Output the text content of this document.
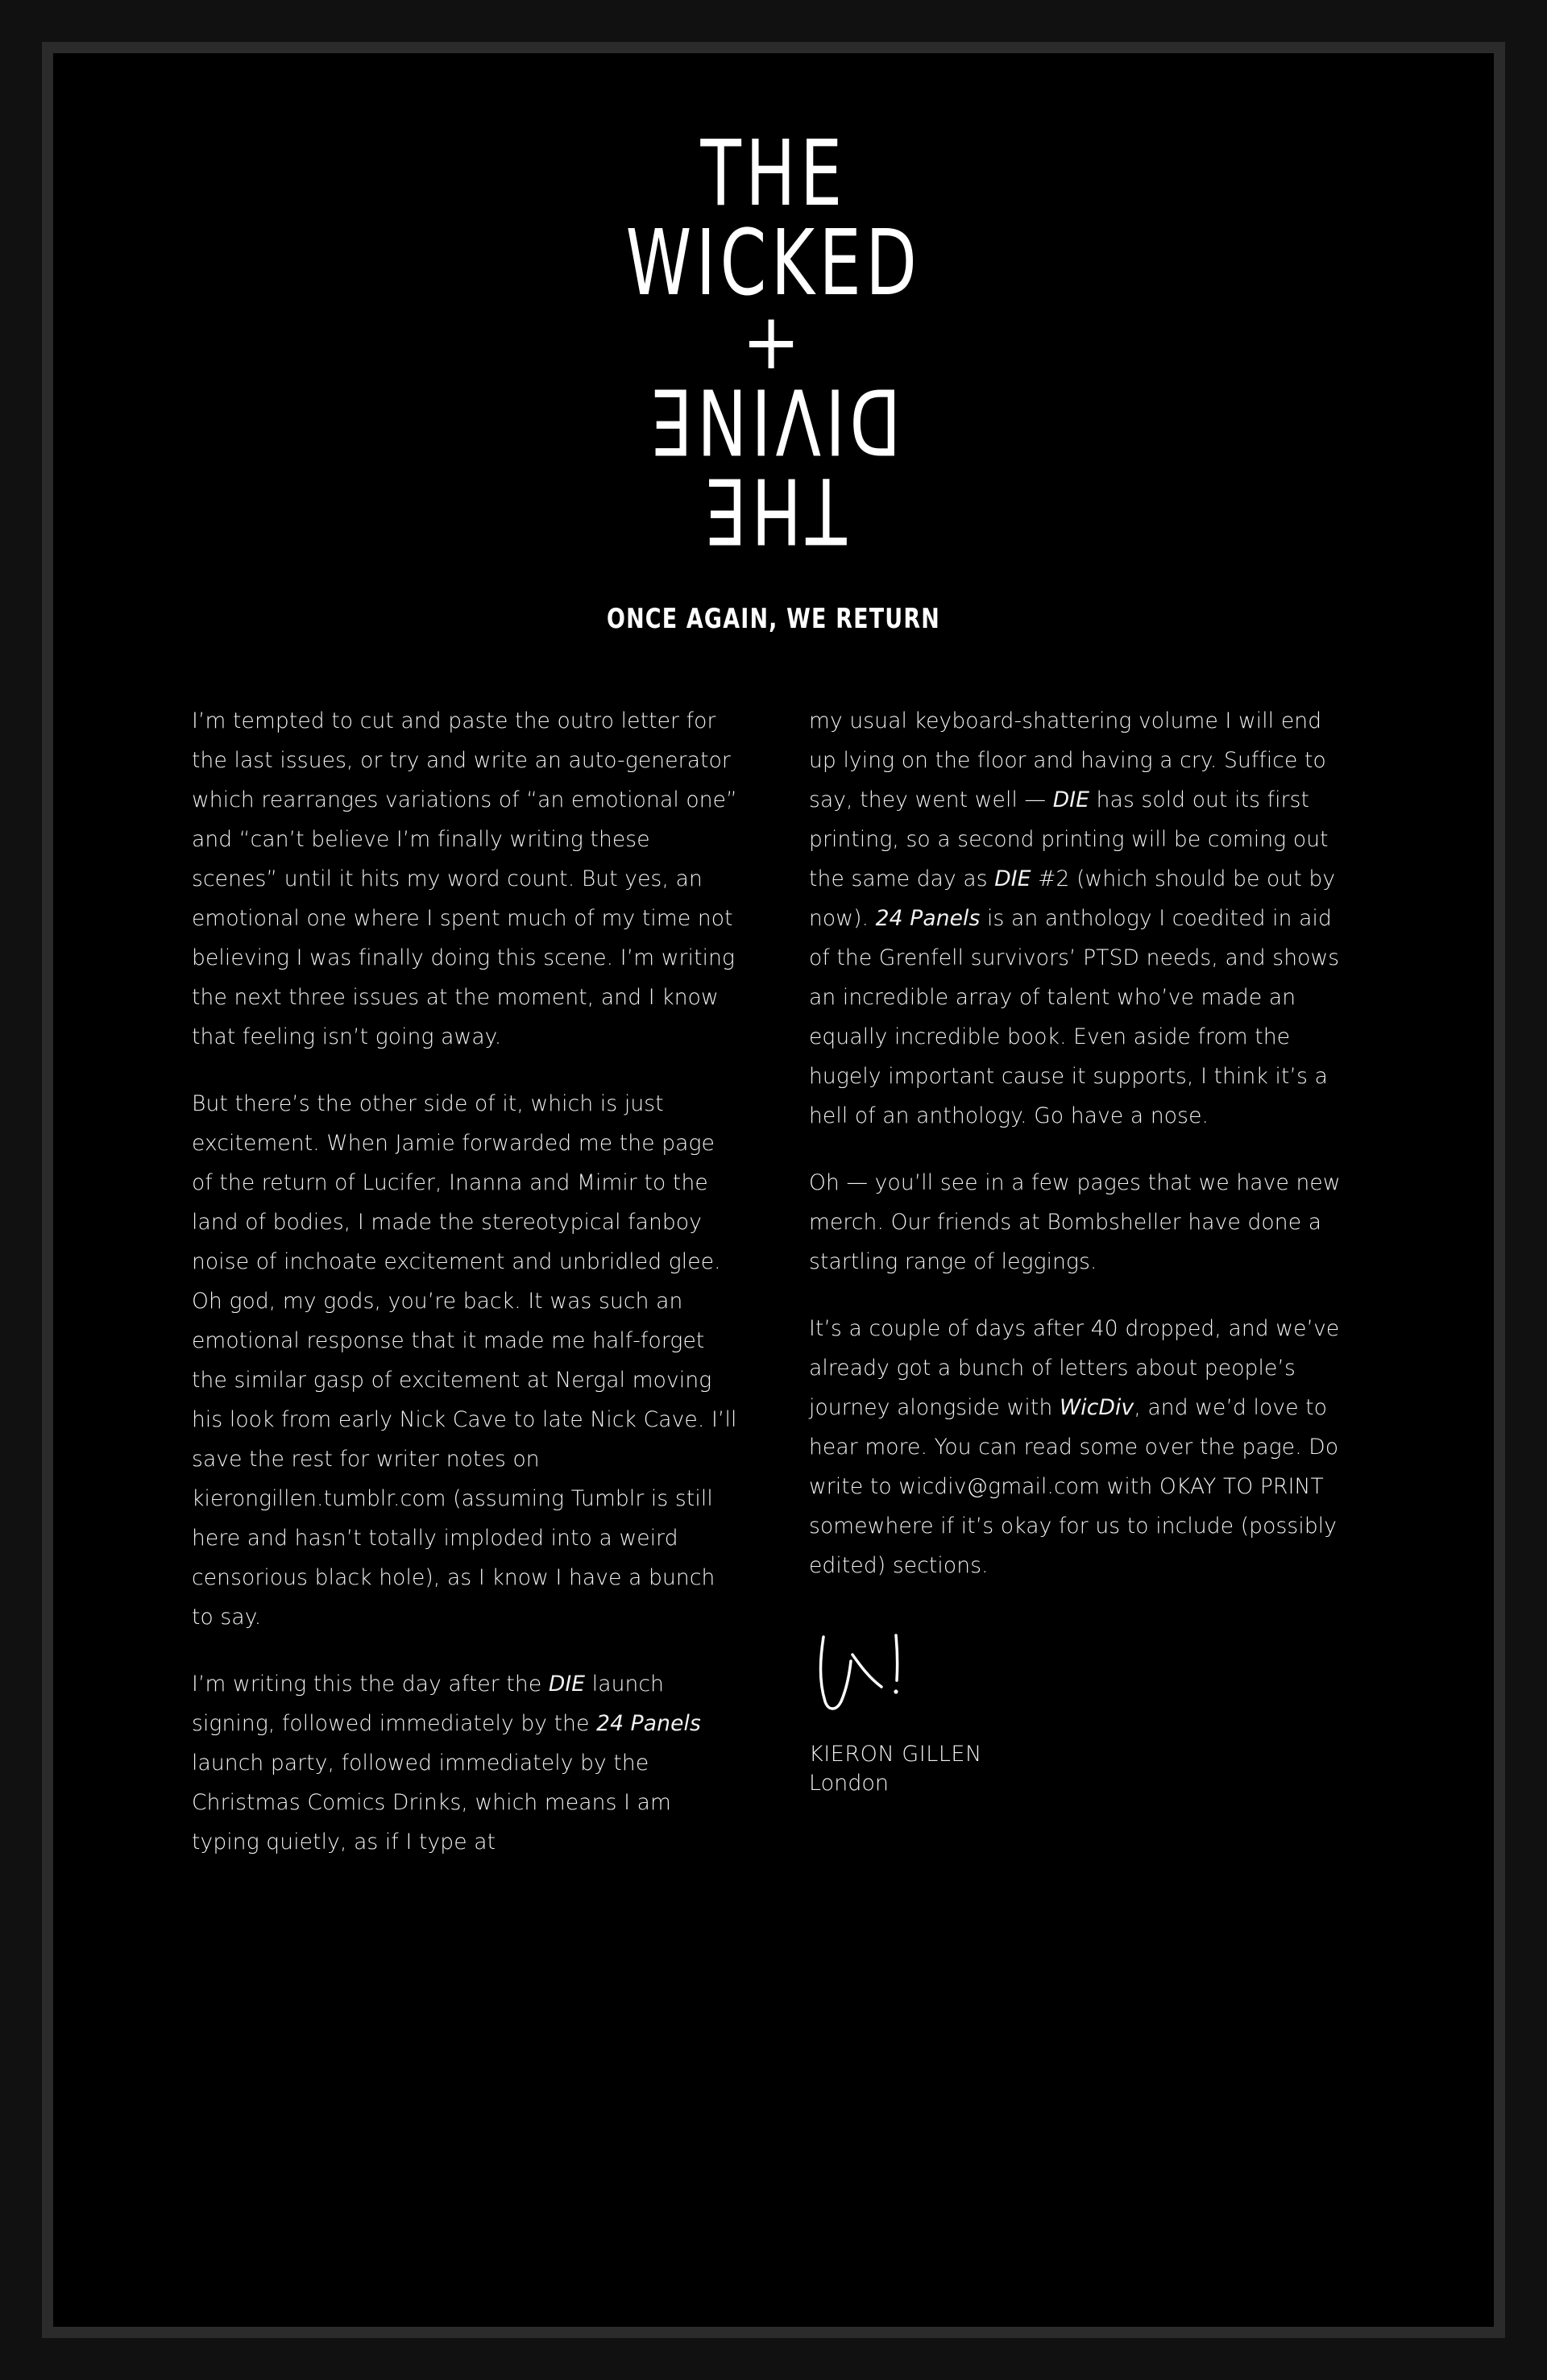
THE
WICKED
+
DIVINE
THE
ONCE AGAIN, WE RETURN

I’m tempted to cut and paste the outro letter for the last issues, or try and write an auto-generator which rearranges variations of “an emotional one” and “can’t believe I’m finally writing these scenes” until it hits my word count. But yes, an emotional one where I spent much of my time not believing I was finally doing this scene. I’m writing the next three issues at the moment, and I know that feeling isn’t going away.

But there’s the other side of it, which is just excitement. When Jamie forwarded me the page of the return of Lucifer, Inanna and Mimir to the land of bodies, I made the stereotypical fanboy noise of inchoate excitement and unbridled glee. Oh god, my gods, you’re back. It was such an emotional response that it made me half-forget the similar gasp of excitement at Nergal moving his look from early Nick Cave to late Nick Cave. I’ll save the rest for writer notes on kierongillen.tumblr.com (assuming Tumblr is still here and hasn’t totally imploded into a weird censorious black hole), as I know I have a bunch to say.

I’m writing this the day after the DIE launch signing, followed immediately by the 24 Panels launch party, followed immediately by the Christmas Comics Drinks, which means I am typing quietly, as if I type at

my usual keyboard-shattering volume I will end up lying on the floor and having a cry. Suffice to say, they went well — DIE has sold out its first printing, so a second printing will be coming out the same day as DIE #2 (which should be out by now). 24 Panels is an anthology I coedited in aid of the Grenfell survivors’ PTSD needs, and shows an incredible array of talent who’ve made an equally incredible book. Even aside from the hugely important cause it supports, I think it’s a hell of an anthology. Go have a nose.

Oh — you’ll see in a few pages that we have new merch. Our friends at Bombsheller have done a startling range of leggings.

It’s a couple of days after 40 dropped, and we’ve already got a bunch of letters about people’s journey alongside with WicDiv, and we’d love to hear more. You can read some over the page. Do write to wicdiv@gmail.com with OKAY TO PRINT somewhere if it’s okay for us to include (possibly edited) sections.

KIERON GILLEN
London
